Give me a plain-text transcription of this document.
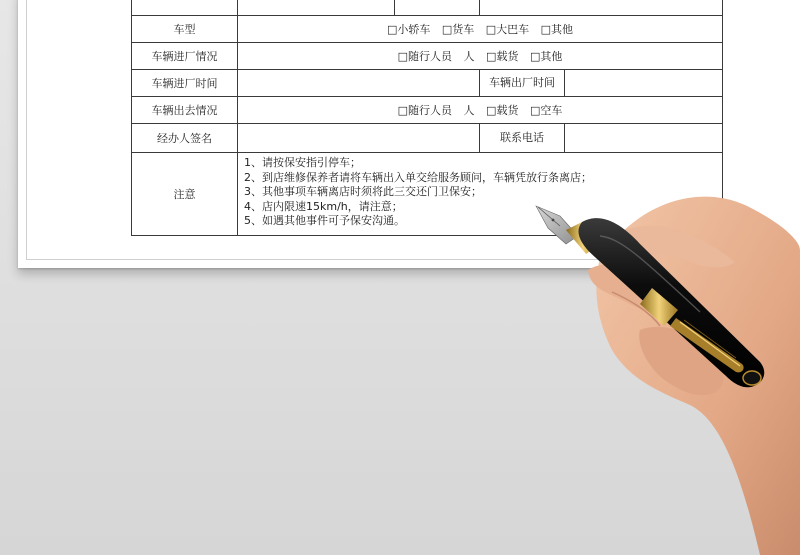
车型	□小轿车 □货车 □大巴车 □其他		
车辆进厂情况	□随行人员 人 □载货 □其他		
车辆进厂时间			车辆出厂时间

车辆出去情况	□随行人员 人 □载货 □空车		
经办人签名			联系电话

注意	1、请按保安指引停车；
2、到店维修保养者请将车辆出入单交给服务顾问，车辆凭放行条离店；
3、其他事项车辆离店时须将此三交还门卫保安；
4、店内限速15km/h，请注意；
5、如遇其他事件可予保安沟通。		
